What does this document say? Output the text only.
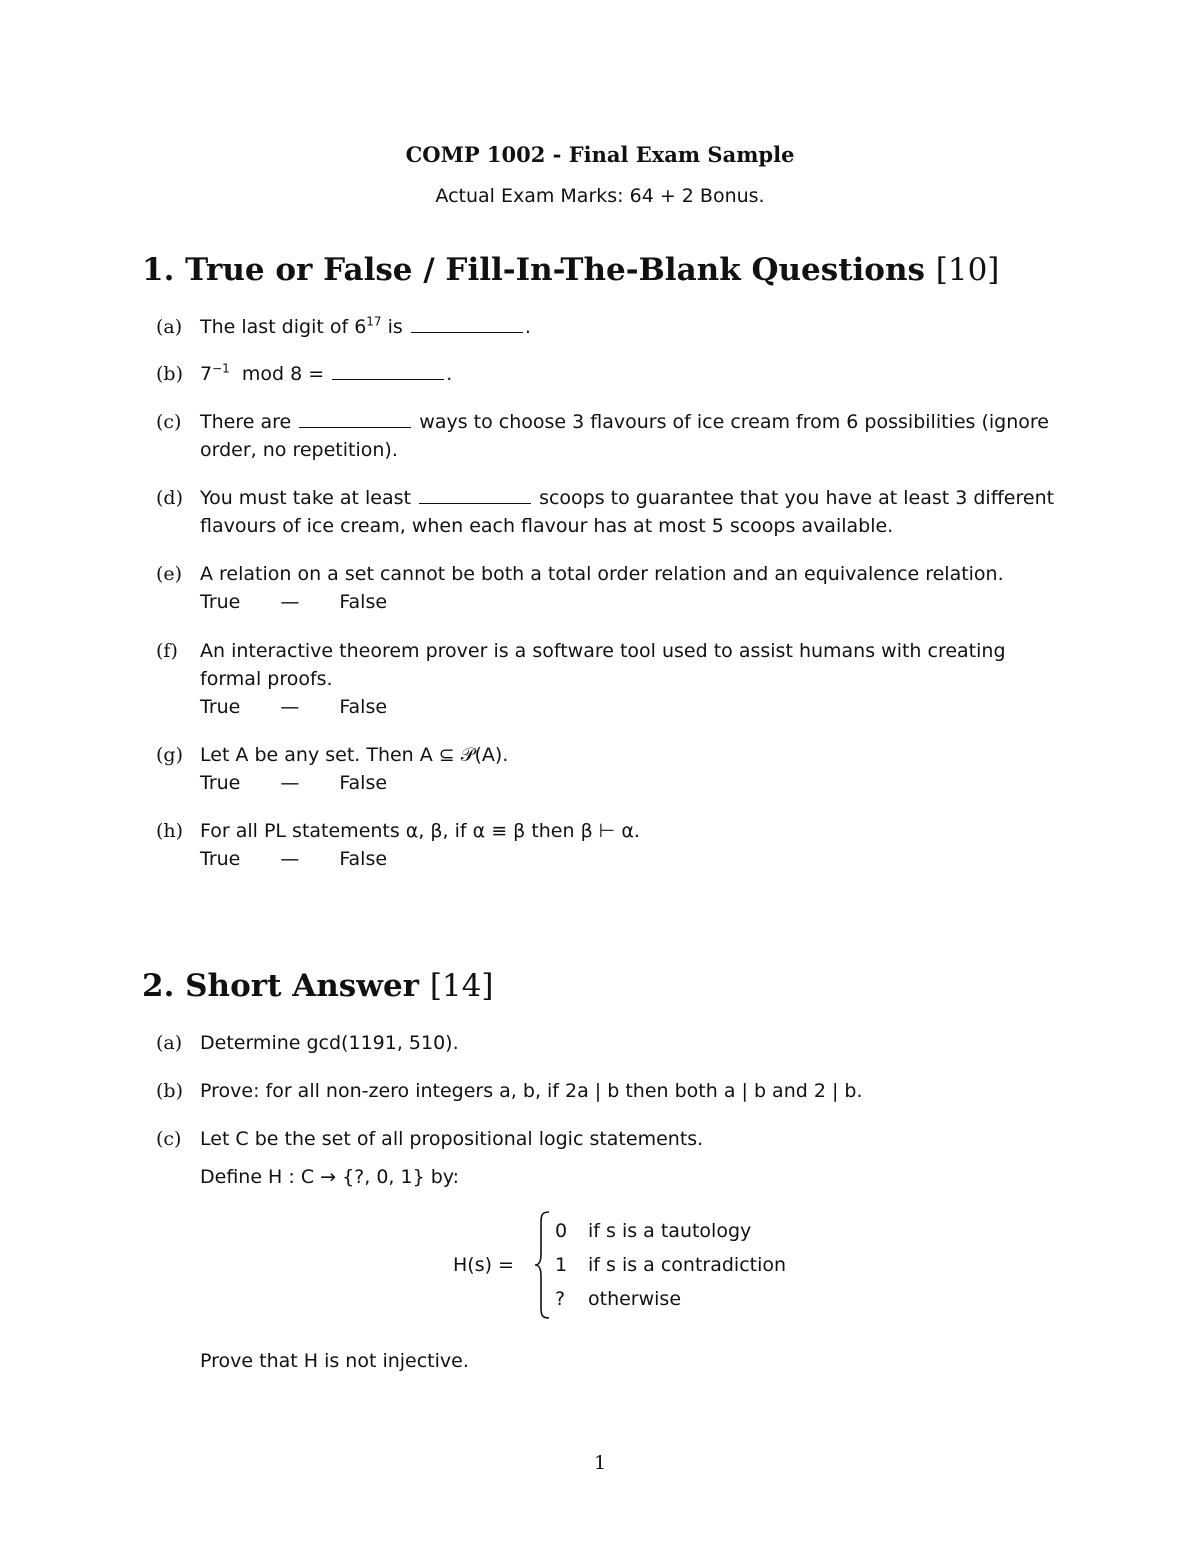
COMP 1002 - Final Exam Sample
Actual Exam Marks: 64 + 2 Bonus.
1. True or False / Fill-In-The-Blank Questions [10]
(a) The last digit of $6^{17}$ is	.
(b) $7^{-1}$  mod 8 =	.
(c) There are	ways to choose 3 flavours of ice cream from 6 possibilities (ignore order, no repetition).
(d) You must take at least	scoops to guarantee that you have at least 3 different flavours of ice cream, when each flavour has at most 5 scoops available.
(e) A relation on a set cannot be both a total order relation and an equivalence relation.
True — False
(f) An interactive theorem prover is a software tool used to assist humans with creating formal proofs.
True — False
(g) Let A be any set. Then A ⊆ 𝒫(A).
True — False
(h) For all PL statements α, β, if α ≡ β then β ⊢ α.
True — False
2. Short Answer [14]
(a) Determine gcd(1191, 510).
(b) Prove: for all non-zero integers a, b, if 2a | b then both a | b and 2 | b.
(c) Let C be the set of all propositional logic statements.
Define H : C → {?, 0, 1} by:
H(s) =
0 if s is a tautology
1 if s is a contradiction
? otherwise
Prove that H is not injective.
1
